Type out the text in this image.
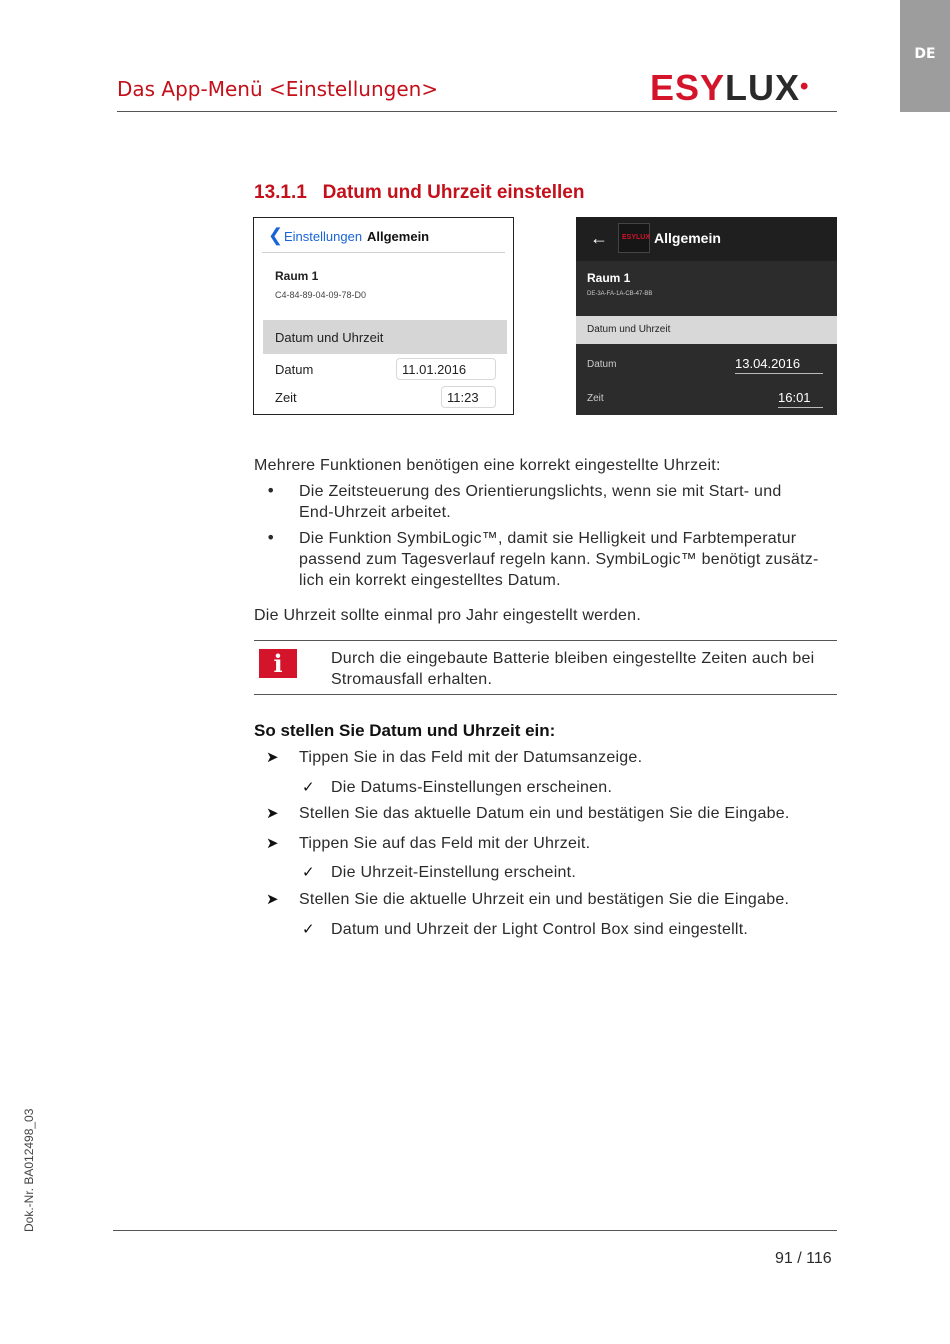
DE
Das App-Menü <Einstellungen>	ESYLUX•
13.1.1   Datum und Uhrzeit einstellen
❮ Einstellungen Allgemein
Raum 1
C4-84-89-04-09-78-D0
Datum und Uhrzeit
Datum	11.01.2016
Zeit	11:23
← ESYLUX Allgemein
Raum 1
DE-3A-FA-1A-CB-47-BB
Datum und Uhrzeit
Datum	13.04.2016
Zeit	16:01
Mehrere Funktionen benötigen eine korrekt eingestellte Uhrzeit:
• Die Zeitsteuerung des Orientierungslichts, wenn sie mit Start- und
End-Uhrzeit arbeitet.
• Die Funktion SymbiLogic™, damit sie Helligkeit und Farbtemperatur
passend zum Tagesverlauf regeln kann. SymbiLogic™ benötigt zusätz-
lich ein korrekt eingestelltes Datum.
Die Uhrzeit sollte einmal pro Jahr eingestellt werden.
i	Durch die eingebaute Batterie bleiben eingestellte Zeiten auch bei
Stromausfall erhalten.
So stellen Sie Datum und Uhrzeit ein:
➤ Tippen Sie in das Feld mit der Datumsanzeige.
✓ Die Datums-Einstellungen erscheinen.
➤ Stellen Sie das aktuelle Datum ein und bestätigen Sie die Eingabe.
➤ Tippen Sie auf das Feld mit der Uhrzeit.
✓ Die Uhrzeit-Einstellung erscheint.
➤ Stellen Sie die aktuelle Uhrzeit ein und bestätigen Sie die Eingabe.
✓ Datum und Uhrzeit der Light Control Box sind eingestellt.
Dok.-Nr. BA012498_03
91 / 116
